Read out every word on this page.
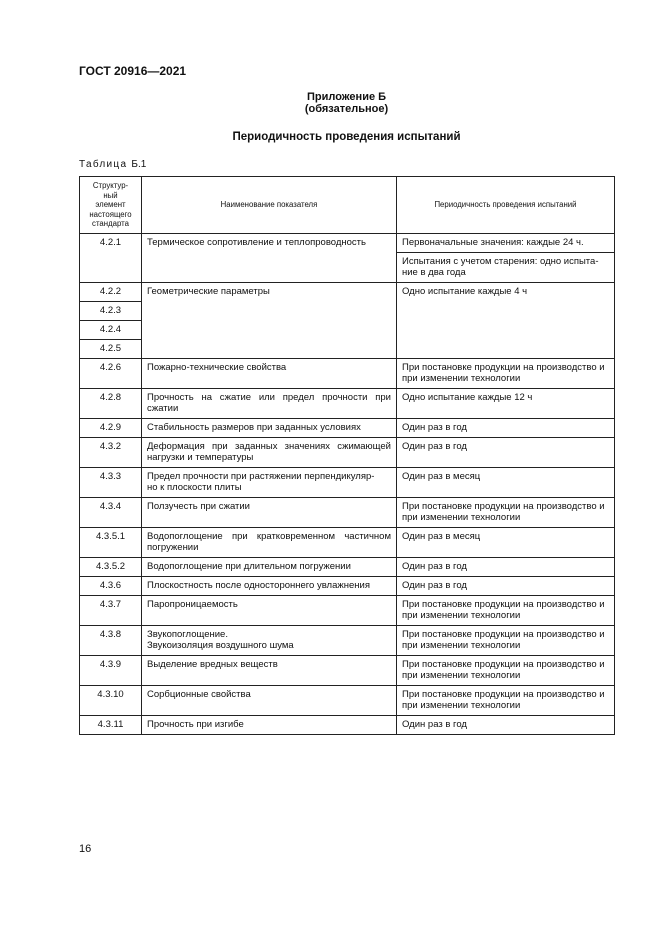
ГОСТ 20916—2021
Приложение Б
(обязательное)
Периодичность проведения испытаний
Таблица Б.1
Структур-
ный
элемент
настоящего
стандарта	Наименование показателя	Периодичность проведения испытаний
4.2.1	Термическое сопротивление и теплопроводность	Первоначальные значения: каждые 24 ч.
		Испытания с учетом старения: одно испыта-
ние в два года
4.2.2	Геометрические параметры	Одно испытание каждые 4 ч
4.2.3		
4.2.4		
4.2.5		
4.2.6	Пожарно-технические свойства	При постановке продукции на производство и при изменении технологии
4.2.8	Прочность на сжатие или предел прочности при сжатии	Одно испытание каждые 12 ч
4.2.9	Стабильность размеров при заданных условиях	Один раз в год
4.3.2	Деформация при заданных значениях сжимающей нагрузки и температуры	Один раз в год
4.3.3	Предел прочности при растяжении перпендикуляр-
но к плоскости плиты	Один раз в месяц
4.3.4	Ползучесть при сжатии	При постановке продукции на производство и при изменении технологии
4.3.5.1	Водопоглощение при кратковременном частичном погружении	Один раз в месяц
4.3.5.2	Водопоглощение при длительном погружении	Один раз в год
4.3.6	Плоскостность после одностороннего увлажнения	Один раз в год
4.3.7	Паропроницаемость	При постановке продукции на производство и при изменении технологии
4.3.8	Звукопоглощение.
Звукоизоляция воздушного шума	При постановке продукции на производство и при изменении технологии
4.3.9	Выделение вредных веществ	При постановке продукции на производство и при изменении технологии
4.3.10	Сорбционные свойства	При постановке продукции на производство и при изменении технологии
4.3.11	Прочность при изгибе	Один раз в год
16
